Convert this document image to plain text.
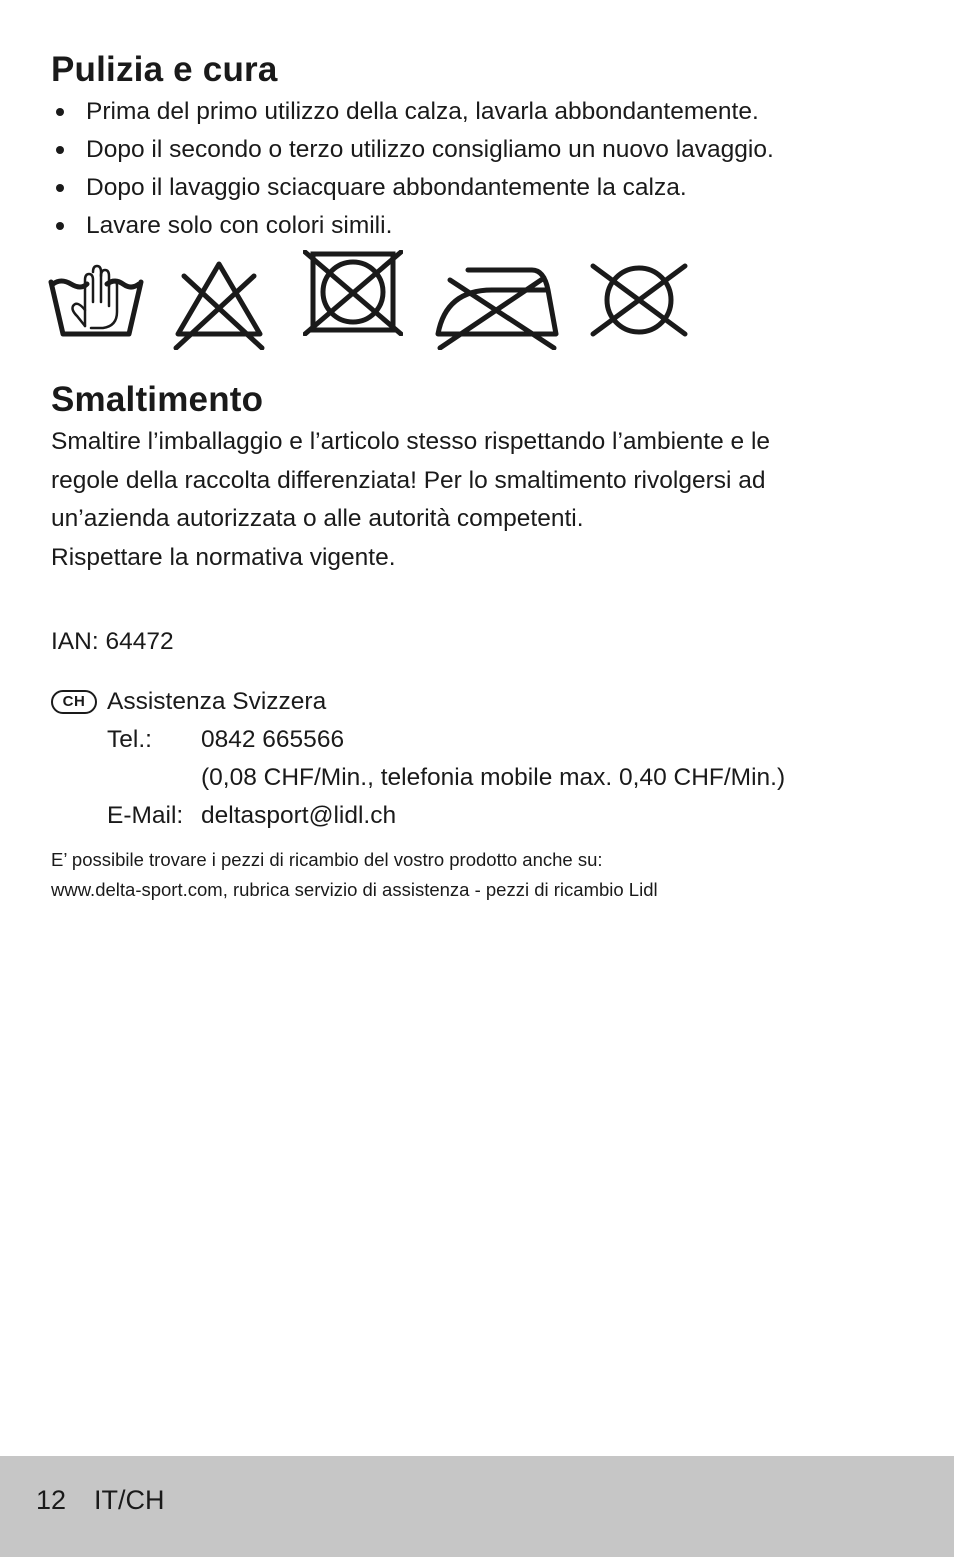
Pulizia e cura
Prima del primo utilizzo della calza, lavarla abbondantemente.
Dopo il secondo o terzo utilizzo consigliamo un nuovo lavaggio.
Dopo il lavaggio sciacquare abbondantemente la calza.
Lavare solo con colori simili.
Smaltimento
Smaltire l’imballaggio e l’articolo stesso rispettando l’ambiente e le
regole della raccolta differenziata! Per lo smaltimento rivolgersi ad
un’azienda autorizzata o alle autorità competenti.
Rispettare la normativa vigente.
IAN: 64472
CH Assistenza Svizzera
Tel.: 0842 665566
(0,08 CHF/Min., telefonia mobile max. 0,40 CHF/Min.)
E-Mail: deltasport@lidl.ch
E’ possibile trovare i pezzi di ricambio del vostro prodotto anche su:
www.delta-sport.com, rubrica servizio di assistenza - pezzi di ricambio Lidl
12 IT/CH
